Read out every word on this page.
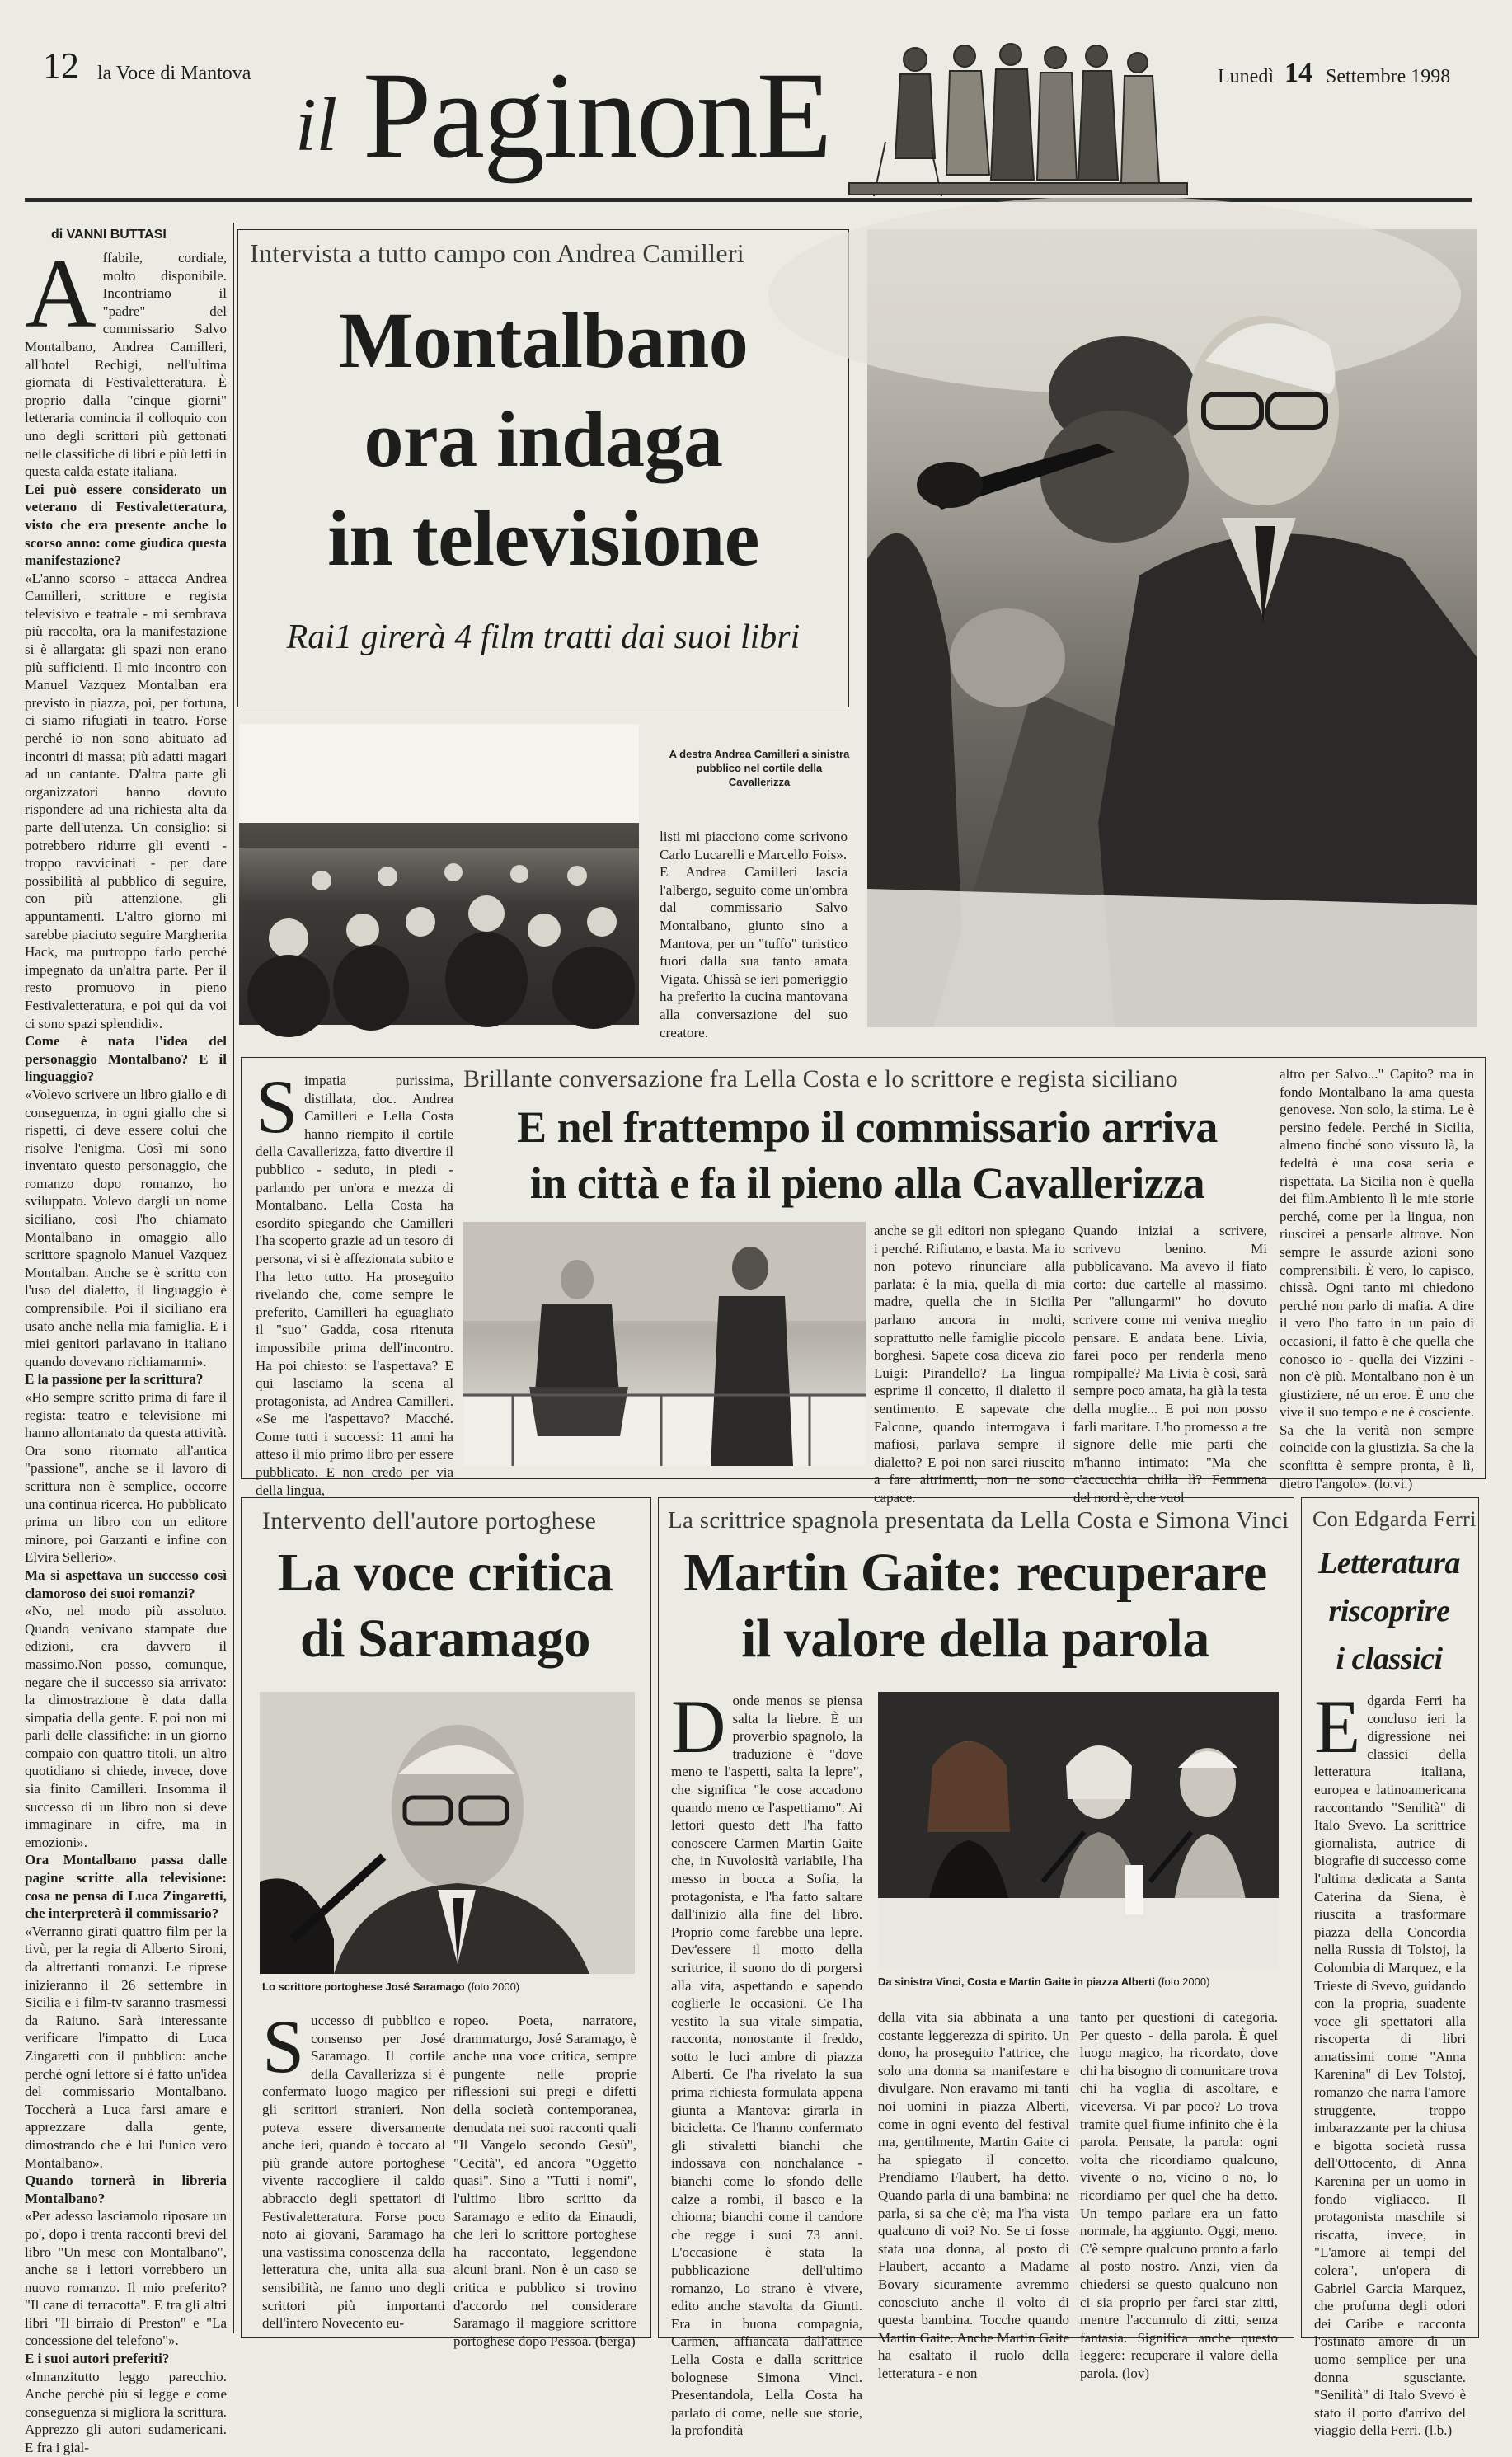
12 la Voce di Mantova
il PaginonE	Lunedì 14 Settembre 1998
di VANNI BUTTASI
A ffabile, cordiale, molto disponibile. Incontriamo il "padre" del commissario Salvo Montalbano, Andrea Camilleri, all'hotel Rechigi, nell'ultima giornata di Festivaletteratura. È proprio dalla "cinque giorni" letteraria comincia il colloquio con uno degli scrittori più gettonati nelle classifiche di libri e più letti in questa calda estate italiana.
Lei può essere considerato un veterano di Festivaletteratura, visto che era presente anche lo scorso anno: come giudica questa manifestazione?
«L'anno scorso - attacca Andrea Camilleri, scrittore e regista televisivo e teatrale - mi sembrava più raccolta, ora la manifestazione si è allargata: gli spazi non erano più sufficienti. Il mio incontro con Manuel Vazquez Montalban era previsto in piazza, poi, per fortuna, ci siamo rifugiati in teatro. Forse perché io non sono abituato ad incontri di massa; più adatti magari ad un cantante. D'altra parte gli organizzatori hanno dovuto rispondere ad una richiesta alta da parte dell'utenza. Un consiglio: si potrebbero ridurre gli eventi - troppo ravvicinati - per dare possibilità al pubblico di seguire, con più attenzione, gli appuntamenti. L'altro giorno mi sarebbe piaciuto seguire Margherita Hack, ma purtroppo farlo perché impegnato da un'altra parte. Per il resto promuovo in pieno Festivaletteratura, e poi qui da voi ci sono spazi splendidi».
Come è nata l'idea del personaggio Montalbano? E il linguaggio?
«Volevo scrivere un libro giallo e di conseguenza, in ogni giallo che si rispetti, ci deve essere colui che risolve l'enigma. Così mi sono inventato questo personaggio, che romanzo dopo romanzo, ho sviluppato. Volevo dargli un nome siciliano, così l'ho chiamato Montalbano in omaggio allo scrittore spagnolo Manuel Vazquez Montalban. Anche se è scritto con l'uso del dialetto, il linguaggio è comprensibile. Poi il siciliano era usato anche nella mia famiglia. E i miei genitori parlavano in italiano quando dovevano richiamarmi».
E la passione per la scrittura?
«Ho sempre scritto prima di fare il regista: teatro e televisione mi hanno allontanato da questa attività. Ora sono ritornato all'antica "passione", anche se il lavoro di scrittura non è semplice, occorre una continua ricerca. Ho pubblicato prima un libro con un editore minore, poi Garzanti e infine con Elvira Sellerio».
Ma si aspettava un successo così clamoroso dei suoi romanzi?
«No, nel modo più assoluto. Quando venivano stampate due edizioni, era davvero il massimo.Non posso, comunque, negare che il successo sia arrivato: la dimostrazione è data dalla simpatia della gente. E poi non mi parli delle classifiche: in un giorno compaio con quattro titoli, un altro quotidiano si chiede, invece, dove sia finito Camilleri. Insomma il successo di un libro non si deve immaginare in cifre, ma in emozioni».
Ora Montalbano passa dalle pagine scritte alla televisione: cosa ne pensa di Luca Zingaretti, che interpreterà il commissario?
«Verranno girati quattro film per la tivù, per la regia di Alberto Sironi, da altrettanti romanzi. Le riprese inizieranno il 26 settembre in Sicilia e i film-tv saranno trasmessi da Raiuno. Sarà interessante verificare l'impatto di Luca Zingaretti con il pubblico: anche perché ogni lettore si è fatto un'idea del commissario Montalbano. Toccherà a Luca farsi amare e apprezzare dalla gente, dimostrando che è lui l'unico vero Montalbano».
Quando tornerà in libreria Montalbano?
«Per adesso lasciamolo riposare un po', dopo i trenta racconti brevi del libro "Un mese con Montalbano", anche se i lettori vorrebbero un nuovo romanzo. Il mio preferito? "Il cane di terracotta". E tra gli altri libri "Il birraio di Preston" e "La concessione del telefono"».
E i suoi autori preferiti?
«Innanzitutto leggo parecchio. Anche perché più si legge e come conseguenza si migliora la scrittura. Apprezzo gli autori sudamericani. E fra i gial-
Intervista a tutto campo con Andrea Camilleri
Montalbano
ora indaga
in televisione
Rai1 girerà 4 film tratti dai suoi libri
A destra Andrea Camilleri a sinistra pubblico nel cortile della Cavallerizza
listi mi piacciono come scrivono Carlo Lucarelli e Marcello Fois».
E Andrea Camilleri lascia l'albergo, seguito come un'ombra dal commissario Salvo Montalbano, giunto sino a Mantova, per un "tuffo" turistico fuori dalla sua tanto amata Vigata. Chissà se ieri pomeriggio ha preferito la cucina mantovana alla conversazione del suo creatore.
Simpatia purissima, distillata, doc. Andrea Camilleri e Lella Costa hanno riempito il cortile della Cavallerizza, fatto divertire il pubblico - seduto, in piedi -parlando per un'ora e mezza di Montalbano. Lella Costa ha esordito spiegando che Camilleri l'ha scoperto grazie ad un tesoro di persona, vi si è affezionata subito e l'ha letto tutto. Ha proseguito rivelando che, come sempre le preferito, Camilleri ha eguagliato il "suo" Gadda, cosa ritenuta impossibile prima dell'incontro. Ha poi chiesto: se l'aspettava? E qui lasciamo la scena al protagonista, ad Andrea Camilleri. «Se me l'aspettavo? Macché. Come tutti i successi: 11 anni ha atteso il mio primo libro per essere pubblicato. E non credo per via della lingua,
Brillante conversazione fra Lella Costa e lo scrittore e regista siciliano
E nel frattempo il commissario arriva
in città e fa il pieno alla Cavallerizza
anche se gli editori non spiegano i perché. Rifiutano, e basta. Ma io non potevo rinunciare alla parlata: è la mia, quella di mia madre, quella che in Sicilia parlano ancora in molti, soprattutto nelle famiglie piccolo borghesi. Sapete cosa diceva zio Luigi: Pirandello? La lingua esprime il concetto, il dialetto il sentimento. E sapevate che Falcone, quando interrogava i mafiosi, parlava sempre il dialetto? E poi non sarei riuscito a fare altrimenti, non ne sono capace.
Quando iniziai a scrivere, scrivevo benino. Mi pubblicavano. Ma avevo il fiato corto: due cartelle al massimo. Per "allungarmi" ho dovuto scrivere come mi veniva meglio pensare. E andata bene. Livia, farei poco per renderla meno rompipalle? Ma Livia è così, sarà sempre poco amata, ha già la testa della moglie... E poi non posso farli maritare. L'ho promesso a tre signore delle mie parti che m'hanno intimato: "Ma che c'accucchia chilla lì? Femmena del nord è, che vuol
altro per Salvo..." Capito? ma in fondo Montalbano la ama questa genovese. Non solo, la stima. Le è persino fedele. Perché in Sicilia, almeno finché sono vissuto là, la fedeltà è una cosa seria e rispettata. La Sicilia non è quella dei film.Ambiento lì le mie storie perché, come per la lingua, non riuscirei a pensarle altrove. Non sempre le assurde azioni sono comprensibili. È vero, lo capisco, chissà. Ogni tanto mi chiedono perché non parlo di mafia. A dire il vero l'ho fatto in un paio di occasioni, il fatto è che quella che conosco io - quella dei Vizzini - non c'è più. Montalbano non è un giustiziere, né un eroe. È uno che vive il suo tempo e ne è cosciente. Sa che la verità non sempre coincide con la giustizia. Sa che la sconfitta è sempre pronta, è lì, dietro l'angolo». (lo.vi.)
Intervento dell'autore portoghese
La voce critica
di Saramago
Lo scrittore portoghese José Saramago (foto 2000)
Successo di pubblico e consenso per José Saramago. Il cortile della Cavallerizza si è confermato luogo magico per gli scrittori stranieri. Non poteva essere diversamente anche ieri, quando è toccato al più grande autore portoghese vivente raccogliere il caldo abbraccio degli spettatori di Festivaletteratura. Forse poco noto ai giovani, Saramago ha una vastissima conoscenza della letteratura che, unita alla sua sensibilità, ne fanno uno degli scrittori più importanti dell'intero Novecento eu-
ropeo. Poeta, narratore, drammaturgo, José Saramago, è anche una voce critica, sempre pungente nelle proprie riflessioni sui pregi e difetti della società contemporanea, denudata nei suoi racconti quali "Il Vangelo secondo Gesù", "Cecità", ed ancora "Oggetto quasi". Sino a "Tutti i nomi", l'ultimo libro scritto da Saramago e edito da Einaudi, che lerì lo scrittore portoghese ha raccontato, leggendone alcuni brani. Non è un caso se critica e pubblico si trovino d'accordo nel considerare Saramago il maggiore scrittore portoghese dopo Pessoa. (berga)
La scrittrice spagnola presentata da Lella Costa e Simona Vinci
Martin Gaite: recuperare
il valore della parola
Donde menos se piensa salta la liebre. È un proverbio spagnolo, la traduzione è "dove meno te l'aspetti, salta la lepre", che significa "le cose accadono quando meno ce l'aspettiamo". Ai lettori questo dett l'ha fatto conoscere Carmen Martin Gaite che, in Nuvolosità variabile, l'ha messo in bocca a Sofia, la protagonista, e l'ha fatto saltare dall'inizio alla fine del libro. Proprio come farebbe una lepre. Dev'essere il motto della scrittrice, il suono do di porgersi alla vita, aspettando e sapendo coglierle le occasioni. Ce l'ha vestito la sua vitale simpatia, racconta, nonostante il freddo, sotto le luci ambre di piazza Alberti. Ce l'ha rivelato la sua prima richiesta formulata appena giunta a Mantova: girarla in bicicletta. Ce l'hanno confermato gli stivaletti bianchi che indossava con nonchalance - bianchi come lo sfondo delle calze a rombi, il basco e la chioma; bianchi come il candore che regge i suoi 73 anni. L'occasione è stata la pubblicazione dell'ultimo romanzo, Lo strano è vivere, edito anche stavolta da Giunti. Era in buona compagnia, Carmen, affiancata dall'attrice Lella Costa e dalla scrittrice bolognese Simona Vinci. Presentandola, Lella Costa ha parlato di come, nelle sue storie, la profondità
Da sinistra Vinci, Costa e Martin Gaite in piazza Alberti (foto 2000)
della vita sia abbinata a una costante leggerezza di spirito. Un dono, ha proseguito l'attrice, che solo una donna sa manifestare e divulgare. Non eravamo mi tanti noi uomini in piazza Alberti, come in ogni evento del festival ma, gentilmente, Martin Gaite ci ha spiegato il concetto. Prendiamo Flaubert, ha detto. Quando parla di una bambina: ne parla, si sa che c'è; ma l'ha vista qualcuno di voi? No. Se ci fosse stata una donna, al posto di Flaubert, accanto a Madame Bovary sicuramente avremmo conosciuto anche il volto di questa bambina. Tocche quando Martin Gaite. Anche Martin Gaite ha esaltato il ruolo della letteratura - e non
tanto per questioni di categoria. Per questo - della parola. È quel luogo magico, ha ricordato, dove chi ha bisogno di comunicare trova chi ha voglia di ascoltare, e viceversa. Vi par poco? Lo trova tramite quel fiume infinito che è la parola. Pensate, la parola: ogni volta che ricordiamo qualcuno, vivente o no, vicino o no, lo ricordiamo per quel che ha detto. Un tempo parlare era un fatto normale, ha aggiunto. Oggi, meno. C'è sempre qualcuno pronto a farlo al posto nostro. Anzi, vien da chiedersi se questo qualcuno non ci sia proprio per farci star zitti, mentre l'accumulo di zitti, senza fantasia. Significa anche questo leggere: recuperare il valore della parola. (lov)
Con Edgarda Ferri
Letteratura
riscoprire
i classici
Edgarda Ferri ha concluso ieri la digressione nei classici della letteratura italiana, europea e latinoamericana raccontando "Senilità" di Italo Svevo. La scrittrice giornalista, autrice di biografie di successo come l'ultima dedicata a Santa Caterina da Siena, è riuscita a trasformare piazza della Concordia nella Russia di Tolstoj, la Colombia di Marquez, e la Trieste di Svevo, guidando con la propria, suadente voce gli spettatori alla riscoperta di libri amatissimi come "Anna Karenina" di Lev Tolstoj, romanzo che narra l'amore struggente, troppo imbarazzante per la chiusa e bigotta società russa dell'Ottocento, di Anna Karenina per un uomo in fondo vigliacco. Il protagonista maschile si riscatta, invece, in "L'amore ai tempi del colera", un'opera di Gabriel Garcia Marquez, che profuma degli odori dei Caribe e racconta l'ostinato amore di un uomo semplice per una donna sgusciante. "Senilità" di Italo Svevo è stato il porto d'arrivo del viaggio della Ferri. (l.b.)
